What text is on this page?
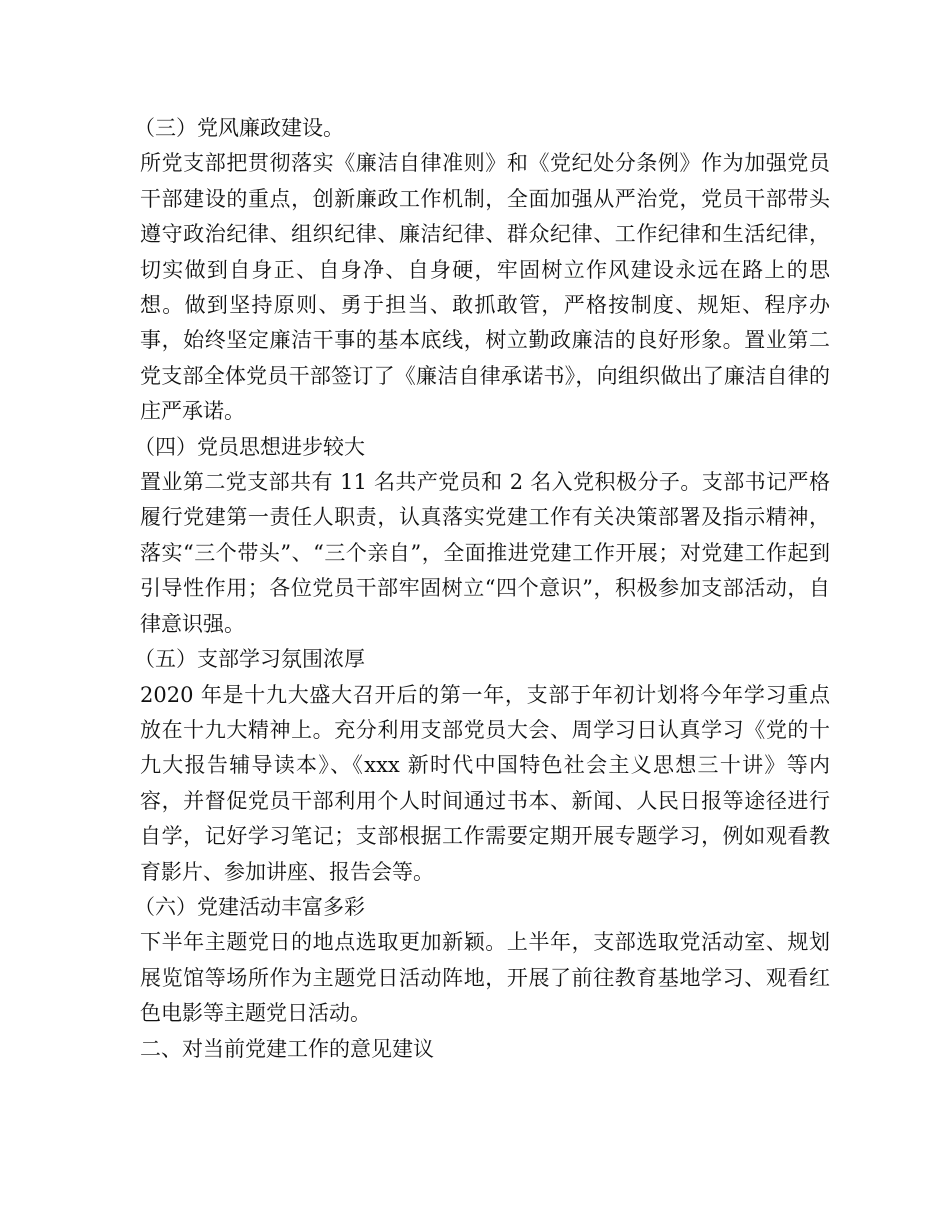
（三）党风廉政建设。

所党支部把贯彻落实《廉洁自律准则》和《党纪处分条例》作为加强党员干部建设的重点，创新廉政工作机制，全面加强从严治党，党员干部带头遵守政治纪律、组织纪律、廉洁纪律、群众纪律、工作纪律和生活纪律，切实做到自身正、自身净、自身硬，牢固树立作风建设永远在路上的思想。做到坚持原则、勇于担当、敢抓敢管，严格按制度、规矩、程序办事，始终坚定廉洁干事的基本底线，树立勤政廉洁的良好形象。置业第二党支部全体党员干部签订了《廉洁自律承诺书》，向组织做出了廉洁自律的庄严承诺。

（四）党员思想进步较大

置业第二党支部共有 11 名共产党员和 2 名入党积极分子。支部书记严格履行党建第一责任人职责，认真落实党建工作有关决策部署及指示精神，落实“三个带头”、“三个亲自”，全面推进党建工作开展；对党建工作起到引导性作用；各位党员干部牢固树立“四个意识”，积极参加支部活动，自律意识强。

（五）支部学习氛围浓厚

2020 年是十九大盛大召开后的第一年，支部于年初计划将今年学习重点放在十九大精神上。充分利用支部党员大会、周学习日认真学习《党的十九大报告辅导读本》、《xxx 新时代中国特色社会主义思想三十讲》等内容，并督促党员干部利用个人时间通过书本、新闻、人民日报等途径进行自学，记好学习笔记；支部根据工作需要定期开展专题学习，例如观看教育影片、参加讲座、报告会等。

（六）党建活动丰富多彩

下半年主题党日的地点选取更加新颖。上半年，支部选取党活动室、规划展览馆等场所作为主题党日活动阵地，开展了前往教育基地学习、观看红色电影等主题党日活动。

二、对当前党建工作的意见建议
